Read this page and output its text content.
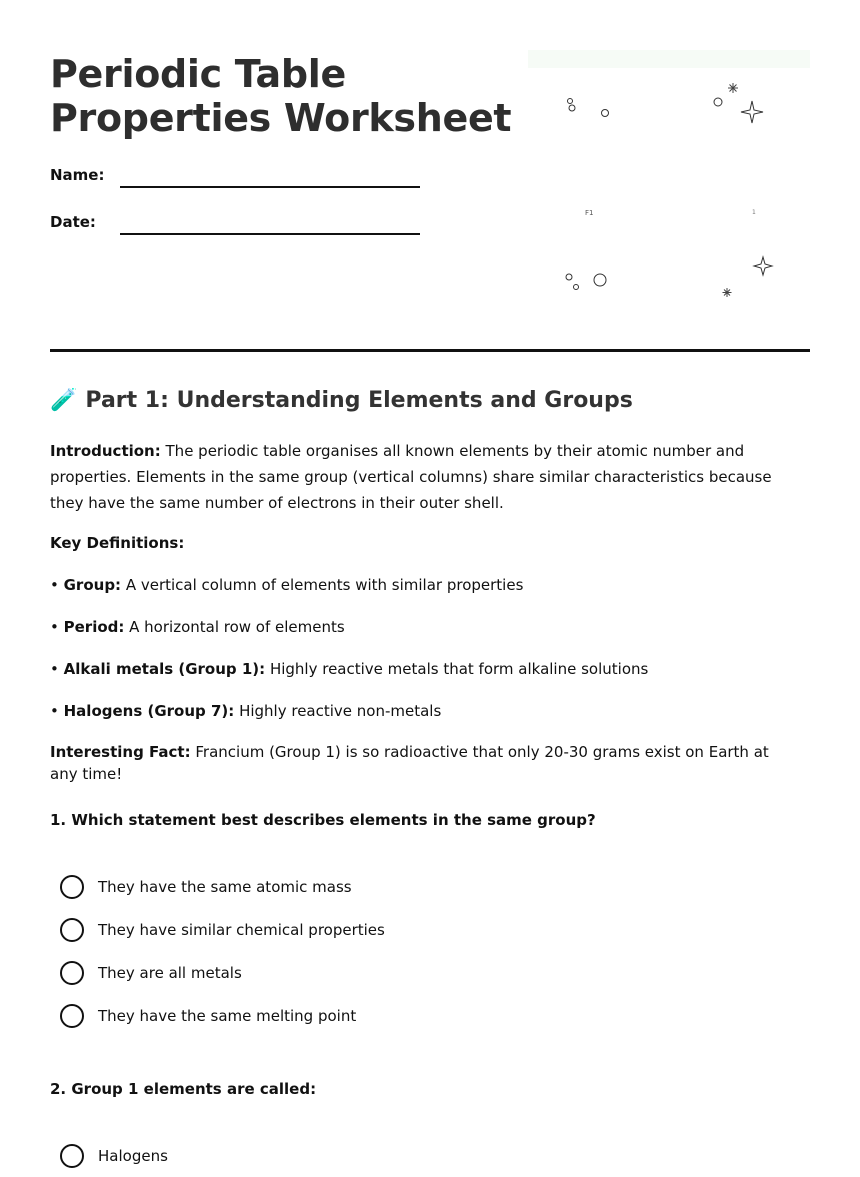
Periodic Table
Properties Worksheet
Name:
Date:	F1	1
🧪 Part 1: Understanding Elements and Groups

Introduction: The periodic table organises all known elements by their atomic number and properties. Elements in the same group (vertical columns) share similar characteristics because they have the same number of electrons in their outer shell.

Key Definitions:

• Group: A vertical column of elements with similar properties

• Period: A horizontal row of elements

• Alkali metals (Group 1): Highly reactive metals that form alkaline solutions

• Halogens (Group 7): Highly reactive non-metals

Interesting Fact: Francium (Group 1) is so radioactive that only 20-30 grams exist on Earth at any time!

1. Which statement best describes elements in the same group?

They have the same atomic mass
They have similar chemical properties
They are all metals
They have the same melting point

2. Group 1 elements are called:

Halogens
